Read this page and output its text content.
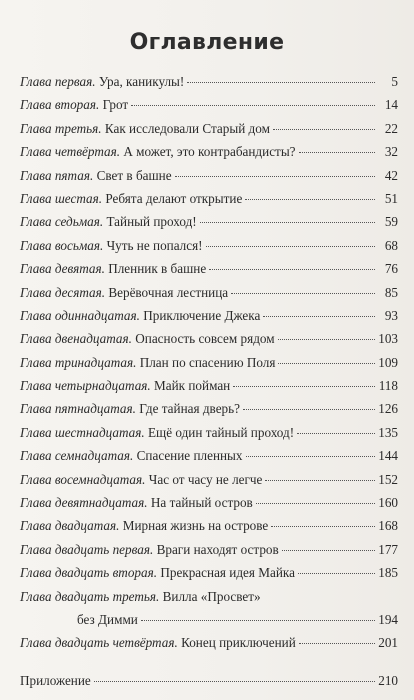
Оглавление
Глава первая. Ура, каникулы!	5
Глава вторая. Грот	14
Глава третья. Как исследовали Старый дом	22
Глава четвёртая. А может, это контрабандисты?	32
Глава пятая. Свет в башне	42
Глава шестая. Ребята делают открытие	51
Глава седьмая. Тайный проход!	59
Глава восьмая. Чуть не попался!	68
Глава девятая. Пленник в башне	76
Глава десятая. Верёвочная лестница	85
Глава одиннадцатая. Приключение Джека	93
Глава двенадцатая. Опасность совсем рядом	103
Глава тринадцатая. План по спасению Поля	109
Глава четырнадцатая. Майк пойман	118
Глава пятнадцатая. Где тайная дверь?	126
Глава шестнадцатая. Ещё один тайный проход!	135
Глава семнадцатая. Спасение пленных	144
Глава восемнадцатая. Час от часу не легче	152
Глава девятнадцатая. На тайный остров	160
Глава двадцатая. Мирная жизнь на острове	168
Глава двадцать первая. Враги находят остров	177
Глава двадцать вторая. Прекрасная идея Майка	185
Глава двадцать третья. Вилла «Просвет»
без Димми	194
Глава двадцать четвёртая. Конец приключений	201
Приложение	210
